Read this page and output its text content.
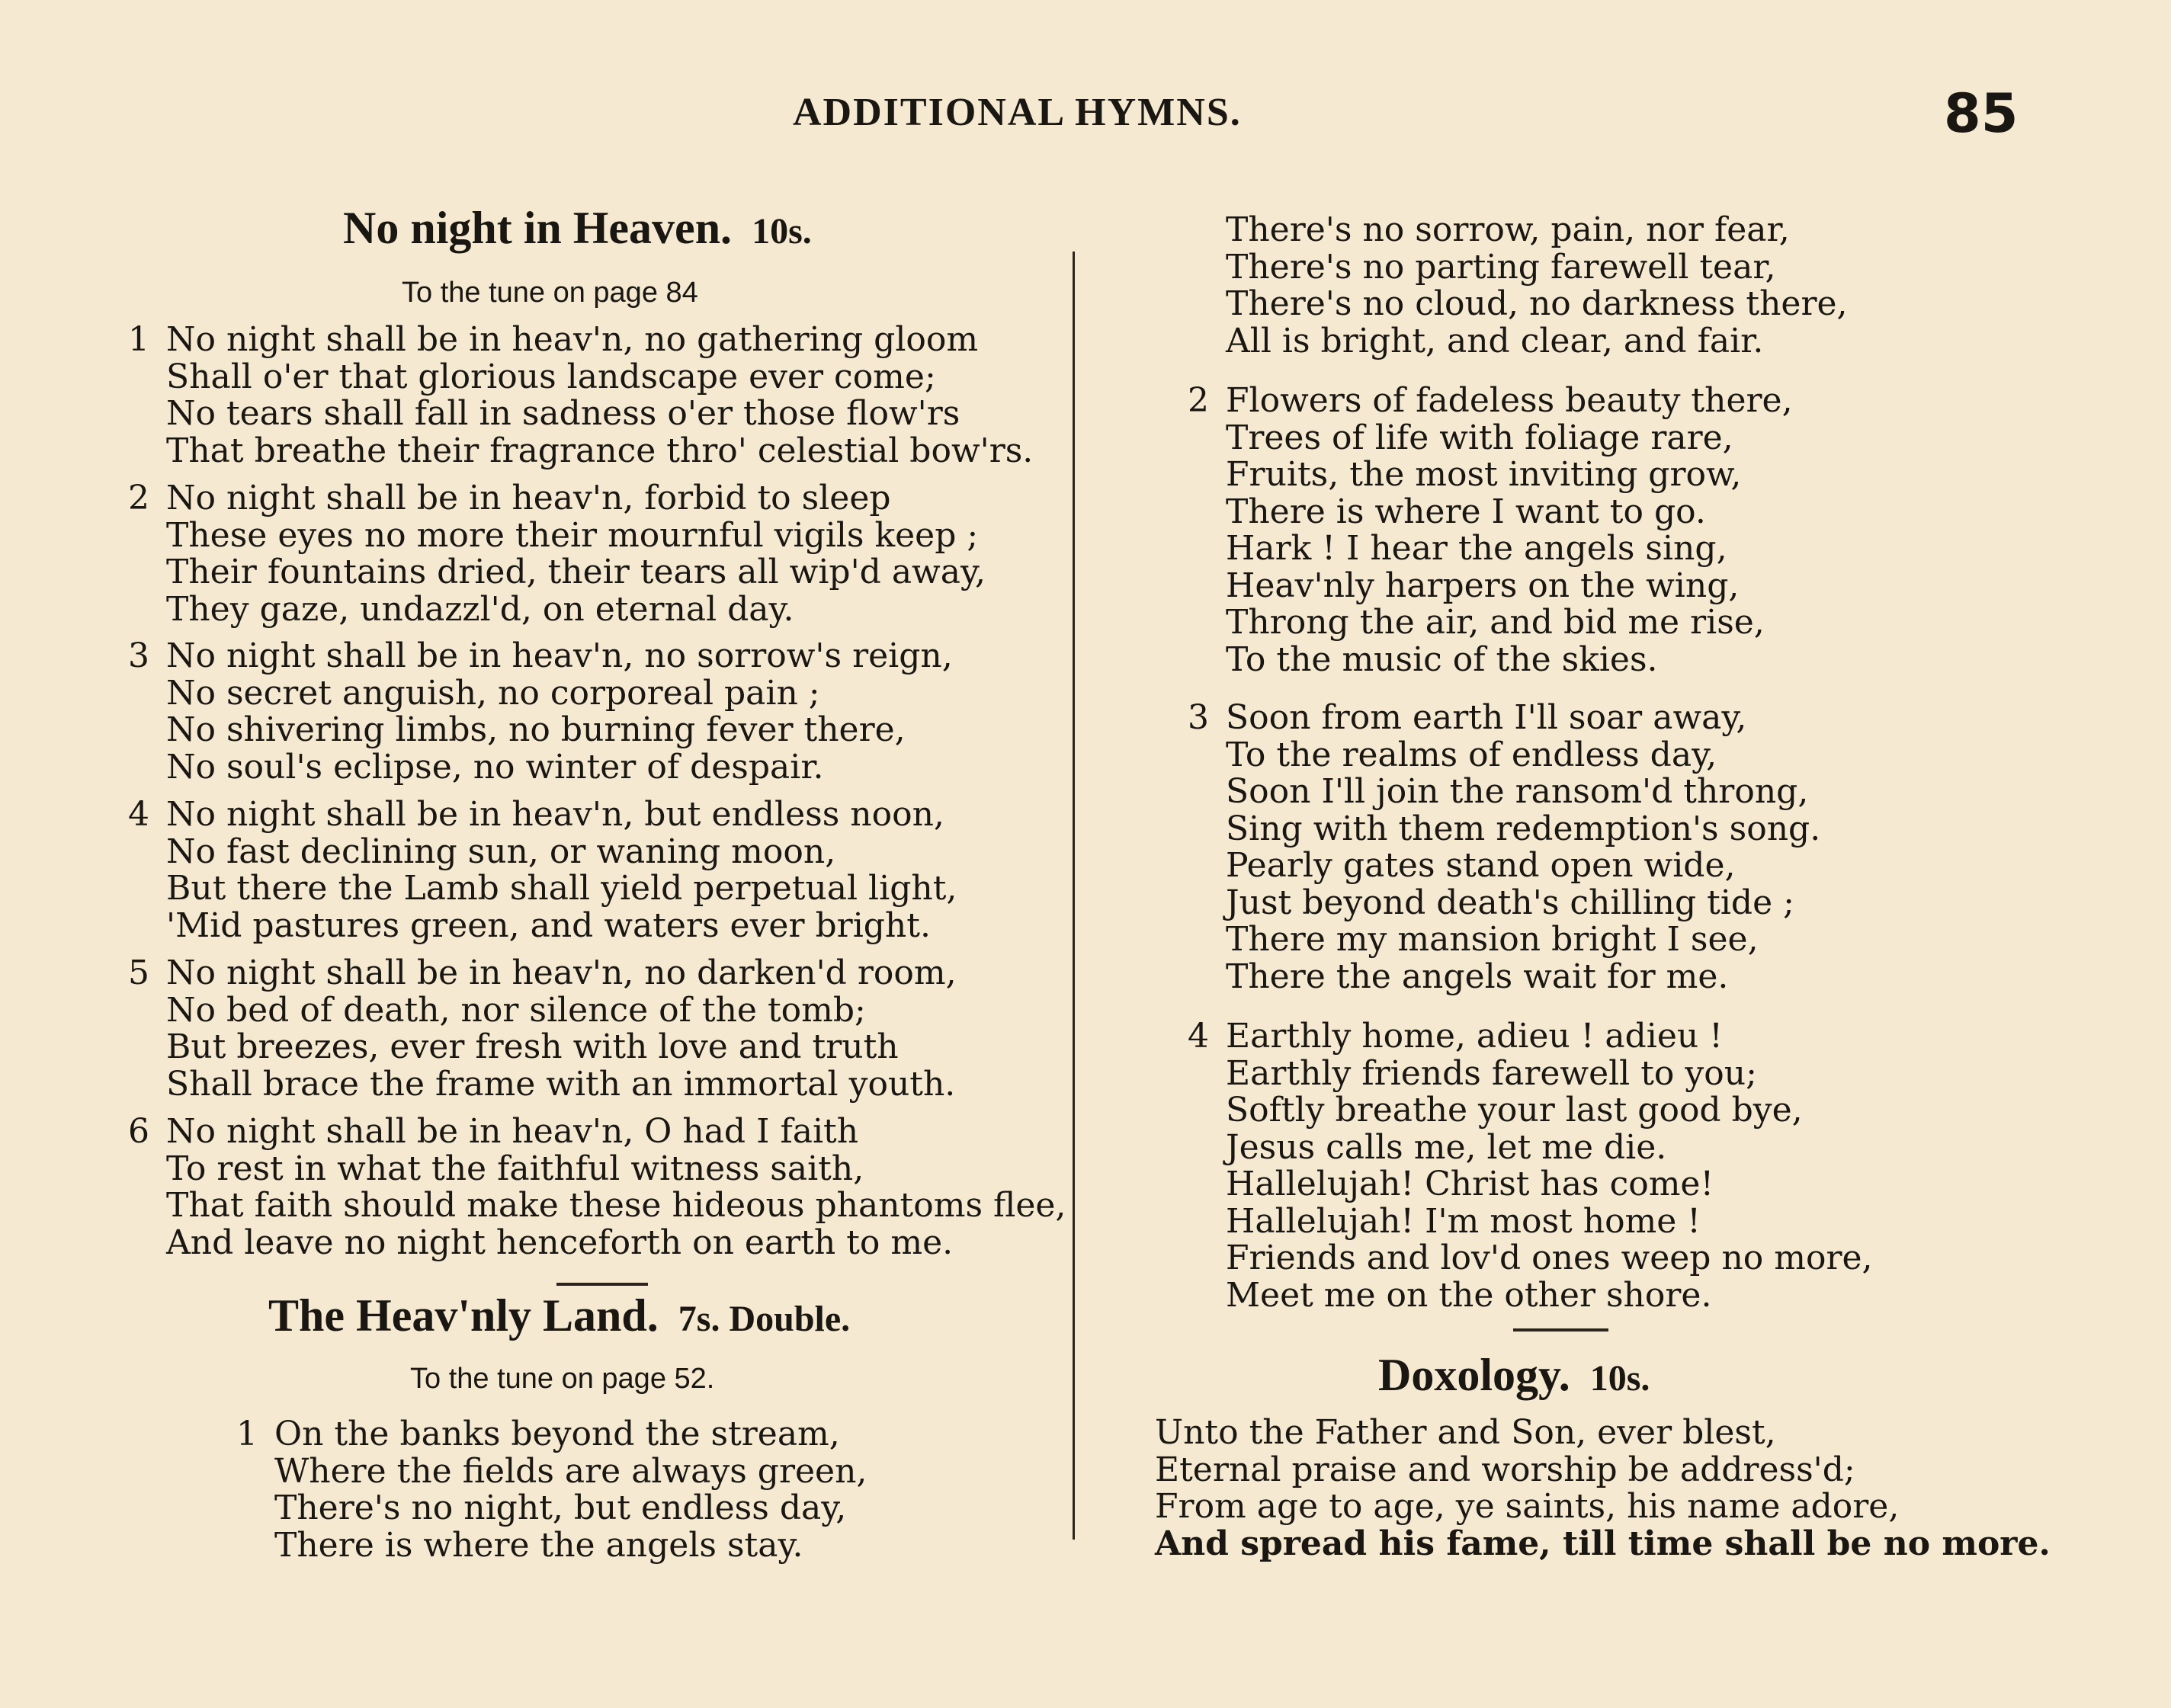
ADDITIONAL HYMNS.	85
No night in Heaven. 10s.
To the tune on page 84
1 No night shall be in heav'n, no gathering gloom
Shall o'er that glorious landscape ever come;
No tears shall fall in sadness o'er those flow'rs
That breathe their fragrance thro' celestial bow'rs.
2 No night shall be in heav'n, forbid to sleep
These eyes no more their mournful vigils keep ;
Their fountains dried, their tears all wip'd away,
They gaze, undazzl'd, on eternal day.
3 No night shall be in heav'n, no sorrow's reign,
No secret anguish, no corporeal pain ;
No shivering limbs, no burning fever there,
No soul's eclipse, no winter of despair.
4 No night shall be in heav'n, but endless noon,
No fast declining sun, or waning moon,
But there the Lamb shall yield perpetual light,
'Mid pastures green, and waters ever bright.
5 No night shall be in heav'n, no darken'd room,
No bed of death, nor silence of the tomb;
But breezes, ever fresh with love and truth
Shall brace the frame with an immortal youth.
6 No night shall be in heav'n, O had I faith
To rest in what the faithful witness saith,
That faith should make these hideous phantoms flee,
And leave no night henceforth on earth to me.
The Heav'nly Land. 7s. Double.
To the tune on page 52.
1 On the banks beyond the stream,
Where the fields are always green,
There's no night, but endless day,
There is where the angels stay.
There's no sorrow, pain, nor fear,
There's no parting farewell tear,
There's no cloud, no darkness there,
All is bright, and clear, and fair.
2 Flowers of fadeless beauty there,
Trees of life with foliage rare,
Fruits, the most inviting grow,
There is where I want to go.
Hark ! I hear the angels sing,
Heav'nly harpers on the wing,
Throng the air, and bid me rise,
To the music of the skies.
3 Soon from earth I'll soar away,
To the realms of endless day,
Soon I'll join the ransom'd throng,
Sing with them redemption's song.
Pearly gates stand open wide,
Just beyond death's chilling tide ;
There my mansion bright I see,
There the angels wait for me.
4 Earthly home, adieu ! adieu !
Earthly friends farewell to you;
Softly breathe your last good bye,
Jesus calls me, let me die.
Hallelujah! Christ has come!
Hallelujah! I'm most home !
Friends and lov'd ones weep no more,
Meet me on the other shore.
Doxology. 10s.
Unto the Father and Son, ever blest,
Eternal praise and worship be address'd;
From age to age, ye saints, his name adore,
And spread his fame, till time shall be no more.
